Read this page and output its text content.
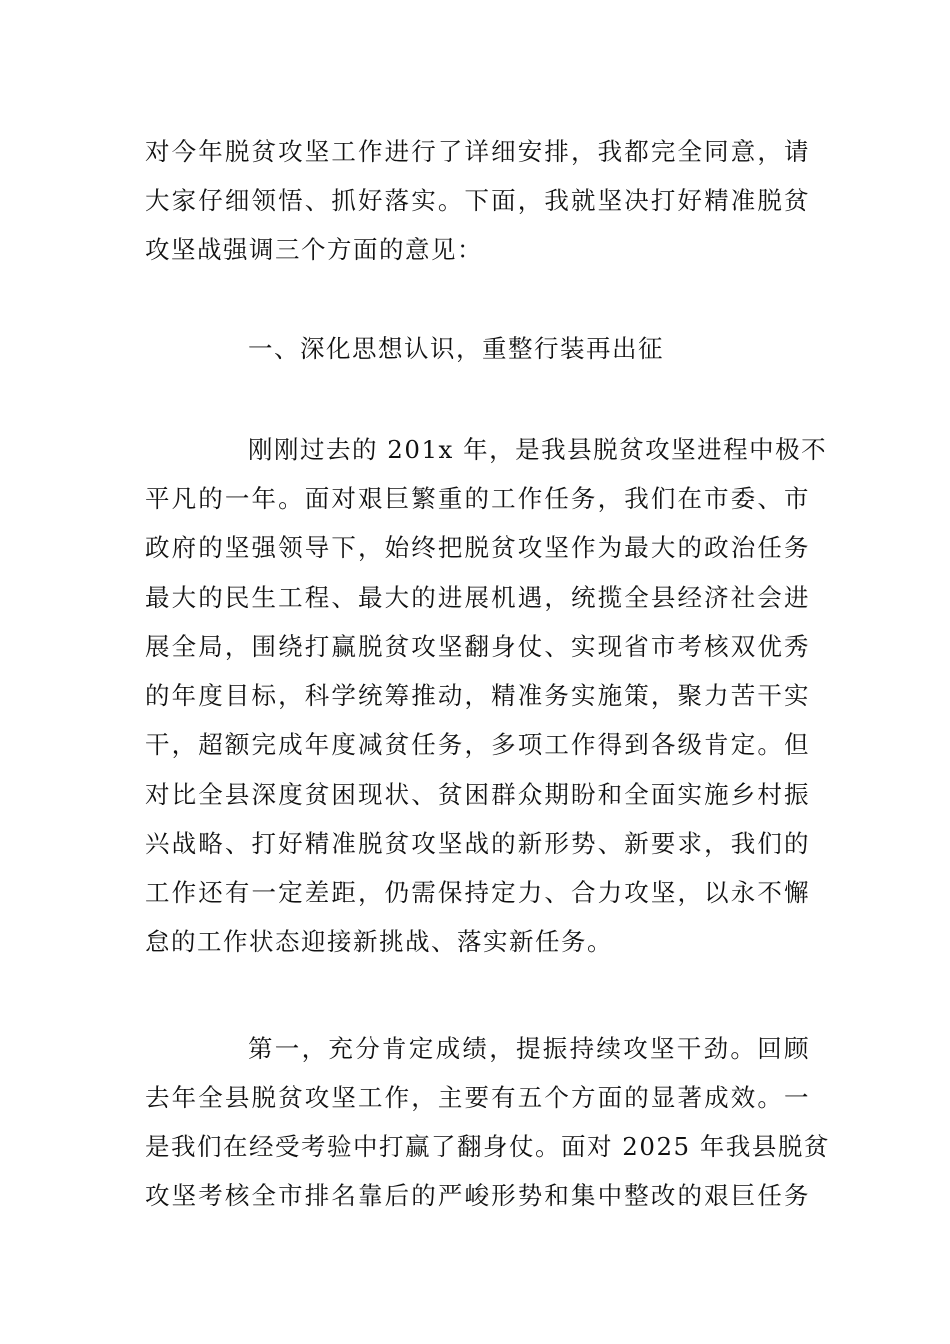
对今年脱贫攻坚工作进行了详细安排，我都完全同意，请
大家仔细领悟、抓好落实。下面，我就坚决打好精准脱贫
攻坚战强调三个方面的意见：
一、深化思想认识，重整行装再出征
刚刚过去的 201x 年，是我县脱贫攻坚进程中极不
平凡的一年。面对艰巨繁重的工作任务，我们在市委、市
政府的坚强领导下，始终把脱贫攻坚作为最大的政治任务
最大的民生工程、最大的进展机遇，统揽全县经济社会进
展全局，围绕打赢脱贫攻坚翻身仗、实现省市考核双优秀
的年度目标，科学统筹推动，精准务实施策，聚力苦干实
干，超额完成年度减贫任务，多项工作得到各级肯定。但
对比全县深度贫困现状、贫困群众期盼和全面实施乡村振
兴战略、打好精准脱贫攻坚战的新形势、新要求，我们的
工作还有一定差距，仍需保持定力、合力攻坚，以永不懈
怠的工作状态迎接新挑战、落实新任务。
第一，充分肯定成绩，提振持续攻坚干劲。回顾
去年全县脱贫攻坚工作，主要有五个方面的显著成效。一
是我们在经受考验中打赢了翻身仗。面对 2025 年我县脱贫
攻坚考核全市排名靠后的严峻形势和集中整改的艰巨任务
